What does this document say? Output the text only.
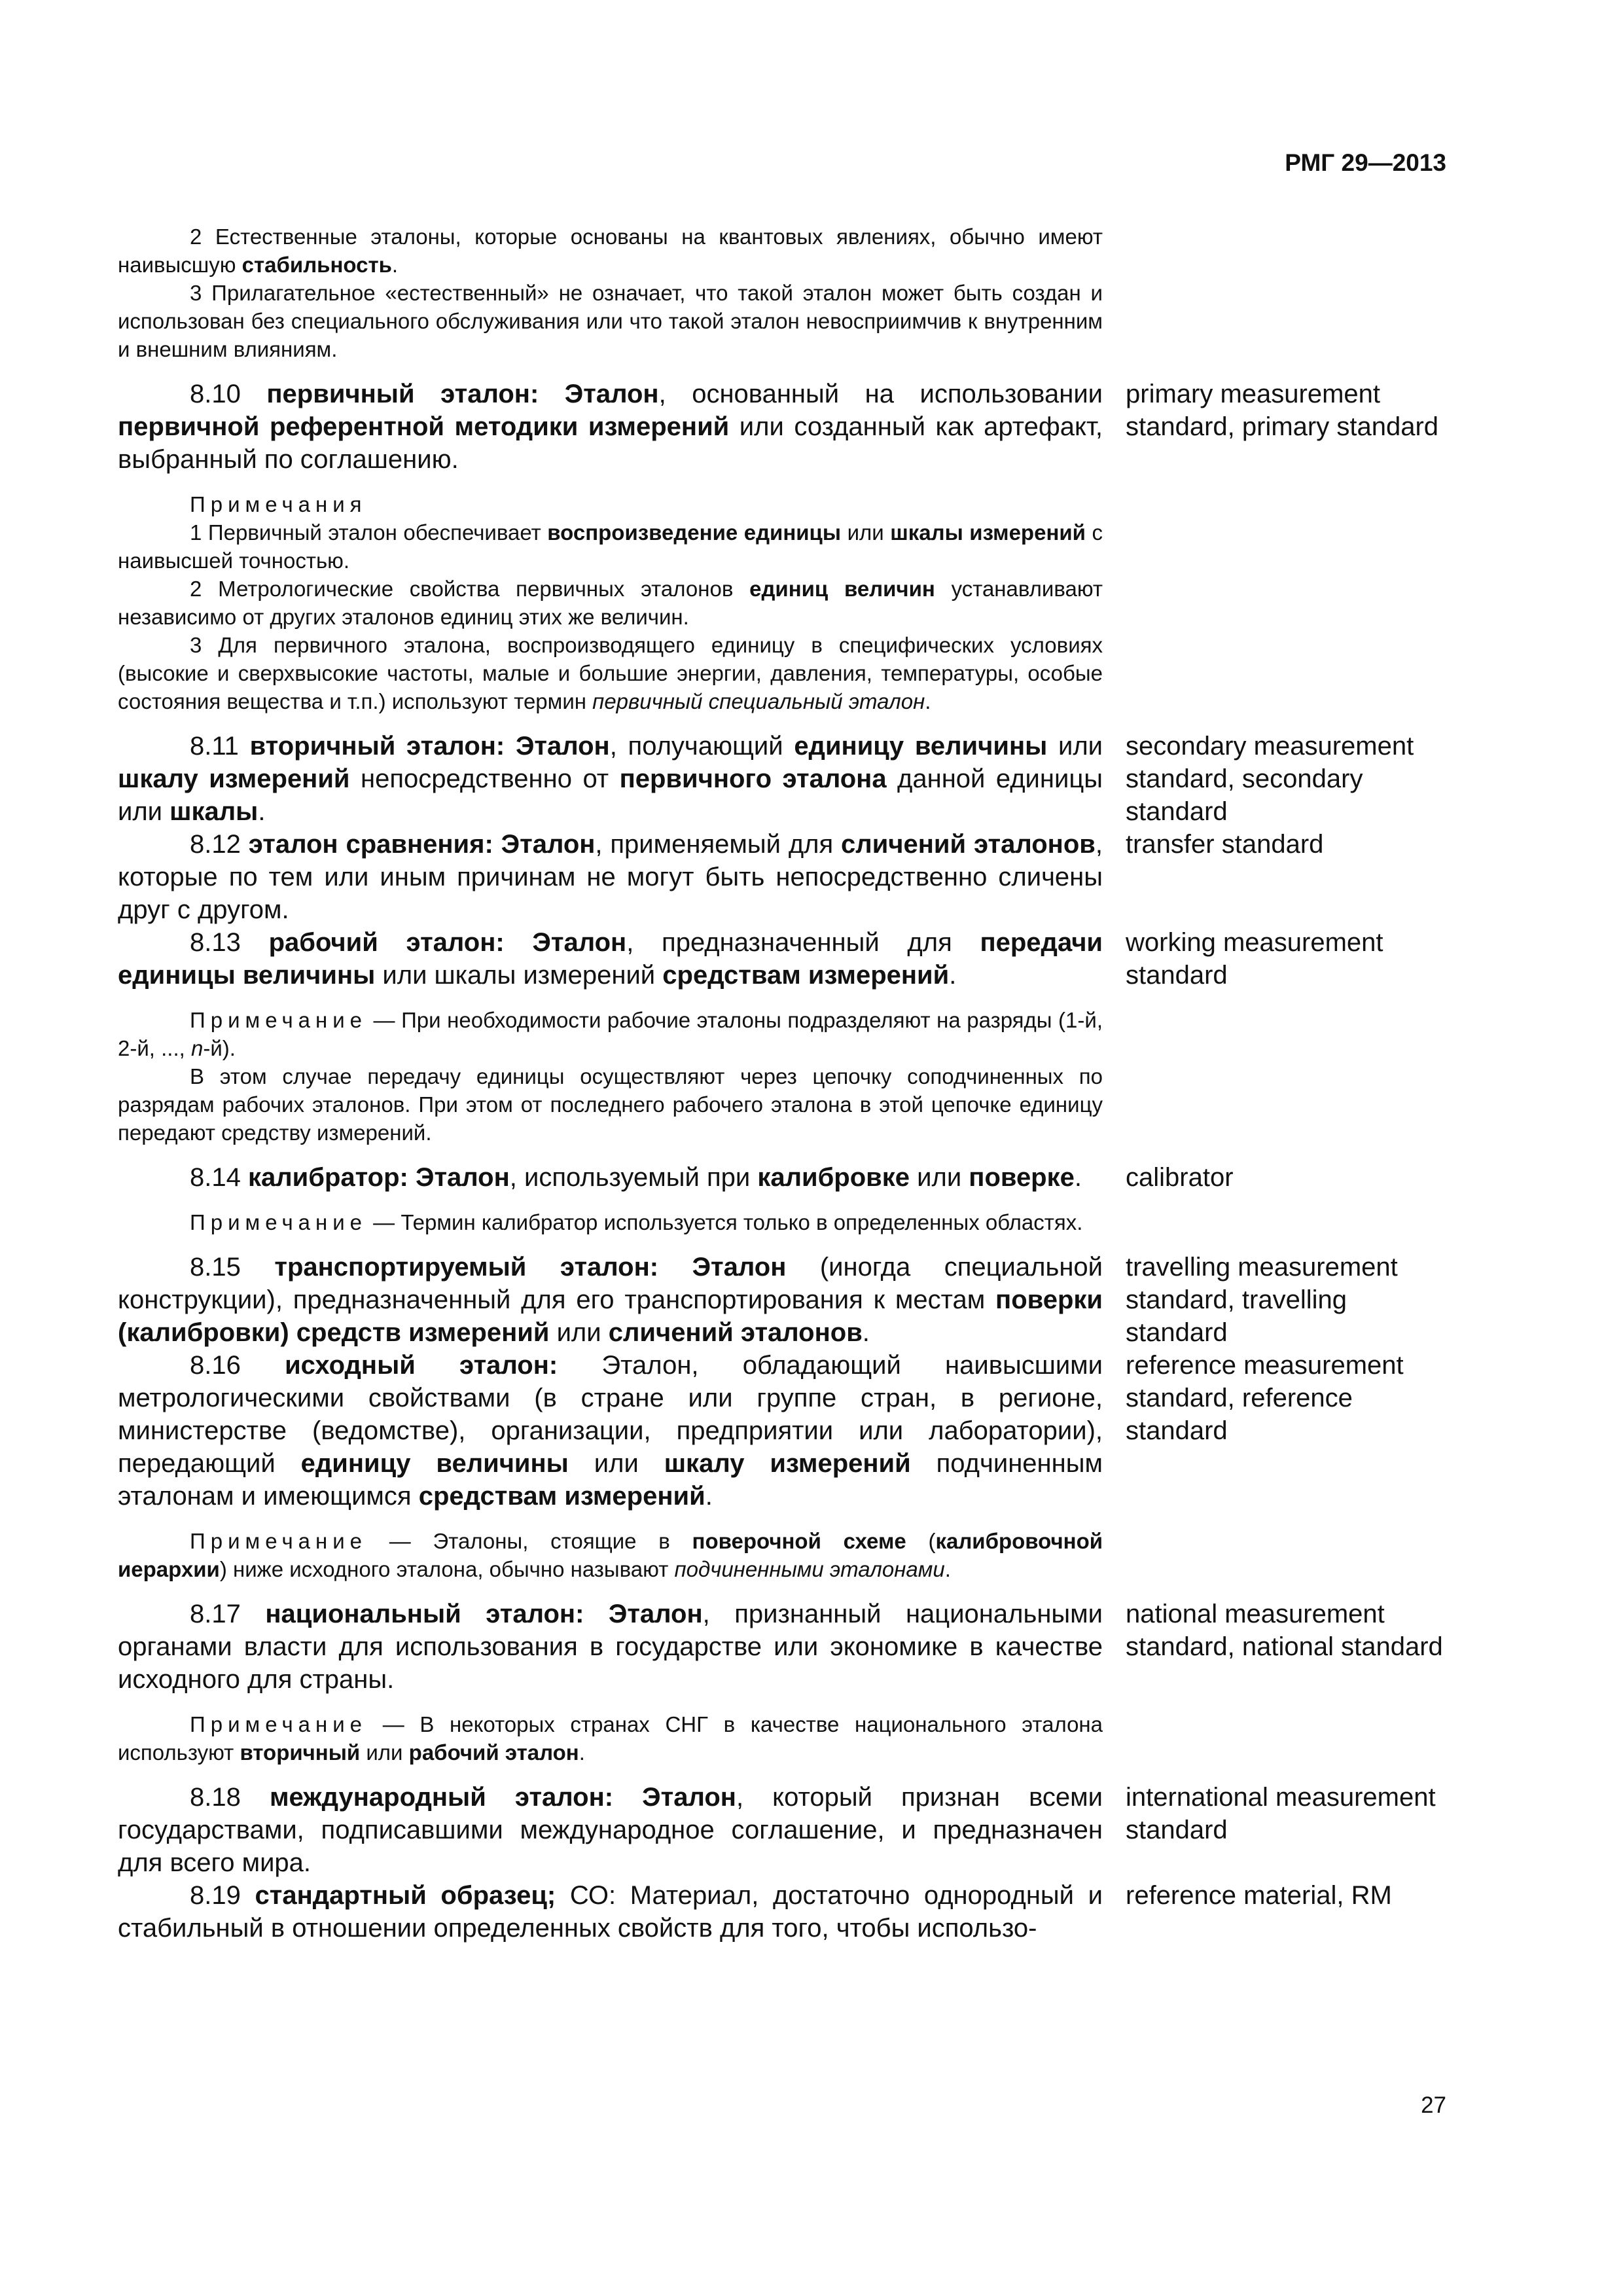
РМГ 29—2013

2 Естественные эталоны, которые основаны на квантовых явлениях, обычно имеют наивысшую стабильность.

3 Прилагательное «естественный» не означает, что такой эталон может быть создан и использован без специального обслуживания или что такой эталон невосприимчив к внутренним и внешним влияниям.

8.10 первичный эталон: Эталон, основанный на использовании первичной референтной методики измерений или созданный как артефакт, выбранный по соглашению.

primary measurement standard, primary standard

Примечания

1 Первичный эталон обеспечивает воспроизведение единицы или шкалы измерений с наивысшей точностью.

2 Метрологические свойства первичных эталонов единиц величин устанавливают независимо от других эталонов единиц этих же величин.

3 Для первичного эталона, воспроизводящего единицу в специфических условиях (высокие и сверхвысокие частоты, малые и большие энергии, давления, температуры, особые состояния вещества и т.п.) используют термин первичный специальный эталон.

8.11 вторичный эталон: Эталон, получающий единицу величины или шкалу измерений непосредственно от первичного эталона данной единицы или шкалы.

secondary measurement standard, secondary standard

8.12 эталон сравнения: Эталон, применяемый для сличений эталонов, которые по тем или иным причинам не могут быть непосредственно сличены друг с другом.

transfer standard

8.13 рабочий эталон: Эталон, предназначенный для передачи единицы величины или шкалы измерений средствам измерений.

working measurement standard

Примечание — При необходимости рабочие эталоны подразделяют на разряды (1-й, 2-й, ..., n-й).

В этом случае передачу единицы осуществляют через цепочку соподчиненных по разрядам рабочих эталонов. При этом от последнего рабочего эталона в этой цепочке единицу передают средству измерений.

8.14 калибратор: Эталон, используемый при калибровке или поверке.	calibrator

Примечание — Термин калибратор используется только в определенных областях.

8.15 транспортируемый эталон: Эталон (иногда специальной конструкции), предназначенный для его транспортирования к местам поверки (калибровки) средств измерений или сличений эталонов.

travelling measurement standard, travelling standard

8.16 исходный эталон: Эталон, обладающий наивысшими метрологическими свойствами (в стране или группе стран, в регионе, министерстве (ведомстве), организации, предприятии или лаборатории), передающий единицу величины или шкалу измерений подчиненным эталонам и имеющимся средствам измерений.

reference measurement standard, reference standard

Примечание — Эталоны, стоящие в поверочной схеме (калибровочной иерархии) ниже исходного эталона, обычно называют подчиненными эталонами.

8.17 национальный эталон: Эталон, признанный национальными органами власти для использования в государстве или экономике в качестве исходного для страны.

national measurement standard, national standard

Примечание — В некоторых странах СНГ в качестве национального эталона используют вторичный или рабочий эталон.

8.18 международный эталон: Эталон, который признан всеми государствами, подписавшими международное соглашение, и предназначен для всего мира.

international measurement standard

8.19 стандартный образец; СО: Материал, достаточно однородный и стабильный в отношении определенных свойств для того, чтобы использо-

reference material, RM
27
